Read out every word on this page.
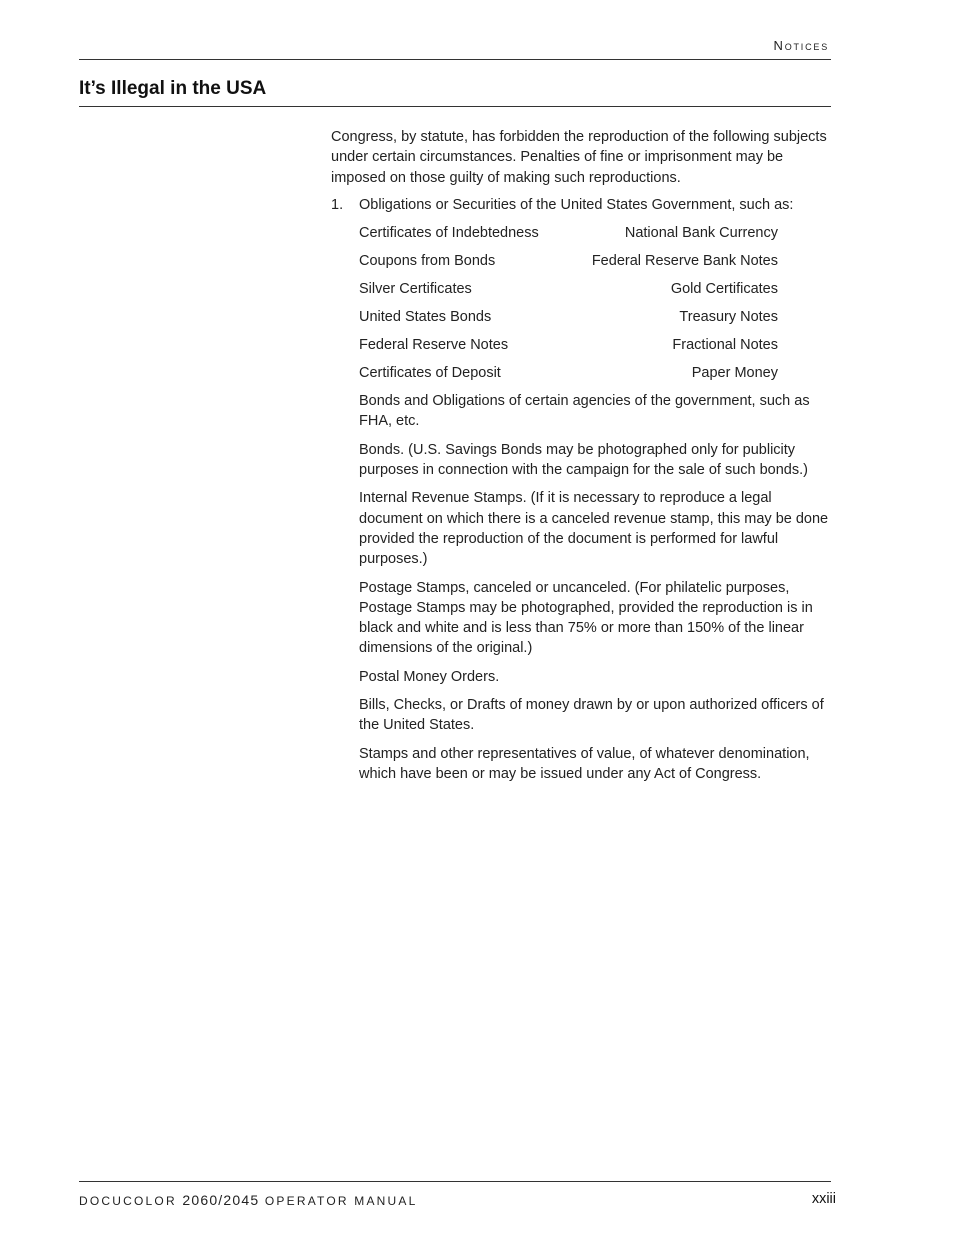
Notices
It’s Illegal in the USA

Congress, by statute, has forbidden the reproduction of the following subjects under certain circumstances. Penalties of fine or imprisonment may be imposed on those guilty of making such reproductions.

1.	Obligations or Securities of the United States Government, such as:
Certificates of Indebtedness	National Bank Currency
Coupons from Bonds	Federal Reserve Bank Notes
Silver Certificates	Gold Certificates
United States Bonds	Treasury Notes
Federal Reserve Notes	Fractional Notes
Certificates of Deposit	Paper Money

Bonds and Obligations of certain agencies of the government, such as FHA, etc.

Bonds. (U.S. Savings Bonds may be photographed only for publicity purposes in connection with the campaign for the sale of such bonds.)

Internal Revenue Stamps. (If it is necessary to reproduce a legal document on which there is a canceled revenue stamp, this may be done provided the reproduction of the document is performed for lawful purposes.)

Postage Stamps, canceled or uncanceled. (For philatelic purposes, Postage Stamps may be photographed, provided the reproduction is in black and white and is less than 75% or more than 150% of the linear dimensions of the original.)

Postal Money Orders.

Bills, Checks, or Drafts of money drawn by or upon authorized officers of the United States.

Stamps and other representatives of value, of whatever denomination, which have been or may be issued under any Act of Congress.

DOCUCOLOR 2060/2045 OPERATOR MANUAL	xxiii
